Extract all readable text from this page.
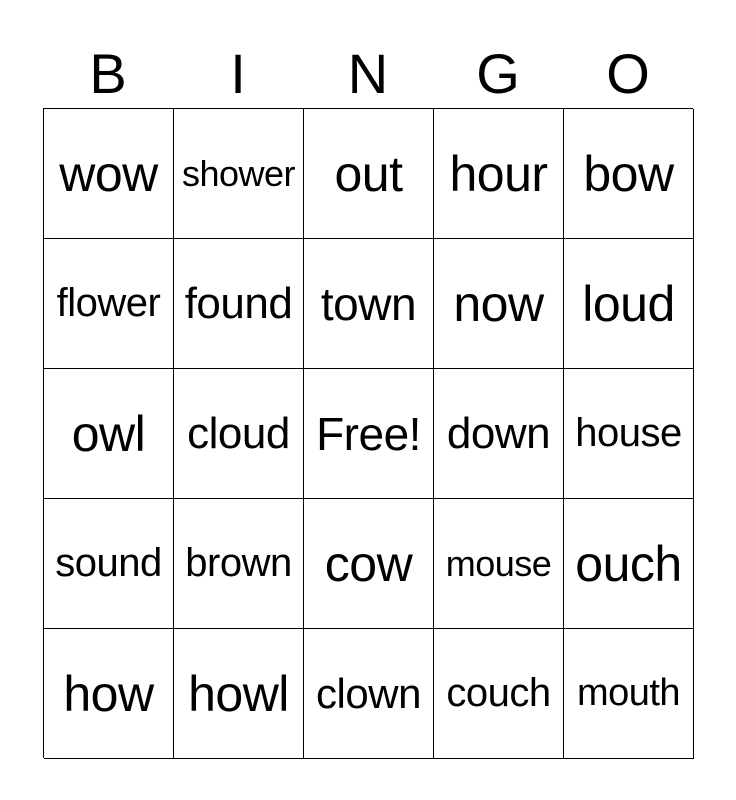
B	I	N	G	O
wow shower out hour bow
flower found town now loud
owl cloud Free! down house
sound brown cow mouse ouch
how howl clown couch mouth
